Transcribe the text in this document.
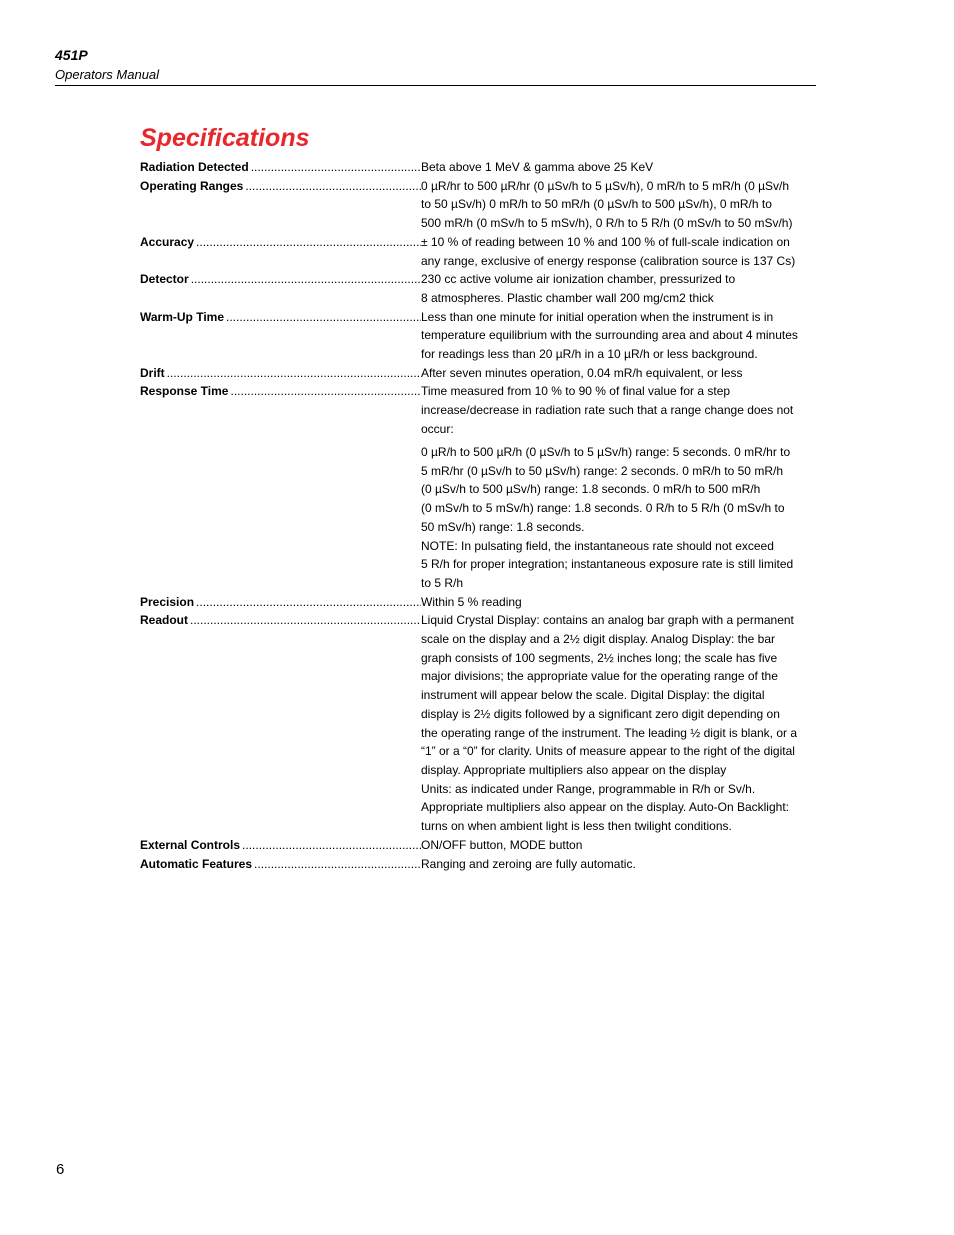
451P
Operators Manual
Specifications
Radiation Detected .....	Beta above 1 MeV & gamma above 25 KeV
Operating Ranges .....	0 µR/hr to 500 µR/hr (0 µSv/h to 5 µSv/h), 0 mR/h to 5 mR/h (0 µSv/h
to 50 µSv/h) 0 mR/h to 50 mR/h (0 µSv/h to 500 µSv/h), 0 mR/h to
500 mR/h (0 mSv/h to 5 mSv/h), 0 R/h to 5 R/h (0 mSv/h to 50 mSv/h)
Accuracy .....	± 10 % of reading between 10 % and 100 % of full-scale indication on
any range, exclusive of energy response (calibration source is 137 Cs)
Detector .....	230 cc active volume air ionization chamber, pressurized to
8 atmospheres. Plastic chamber wall 200 mg/cm2 thick
Warm-Up Time .....	Less than one minute for initial operation when the instrument is in
temperature equilibrium with the surrounding area and about 4 minutes
for readings less than 20 µR/h in a 10 µR/h or less background.
Drift .....	After seven minutes operation, 0.04 mR/h equivalent, or less
Response Time .....	Time measured from 10 % to 90 % of final value for a step
increase/decrease in radiation rate such that a range change does not
occur:
0 µR/h to 500 µR/h (0 µSv/h to 5 µSv/h) range: 5 seconds. 0 mR/hr to
5 mR/hr (0 µSv/h to 50 µSv/h) range: 2 seconds. 0 mR/h to 50 mR/h
(0 µSv/h to 500 µSv/h) range: 1.8 seconds. 0 mR/h to 500 mR/h
(0 mSv/h to 5 mSv/h) range: 1.8 seconds. 0 R/h to 5 R/h (0 mSv/h to
50 mSv/h) range: 1.8 seconds.
NOTE: In pulsating field, the instantaneous rate should not exceed
5 R/h for proper integration; instantaneous exposure rate is still limited
to 5 R/h
Precision .....	Within 5 % reading
Readout .....	Liquid Crystal Display: contains an analog bar graph with a permanent
scale on the display and a 2½ digit display. Analog Display: the bar
graph consists of 100 segments, 2½ inches long; the scale has five
major divisions; the appropriate value for the operating range of the
instrument will appear below the scale. Digital Display: the digital
display is 2½ digits followed by a significant zero digit depending on
the operating range of the instrument. The leading ½ digit is blank, or a
“1” or a “0” for clarity. Units of measure appear to the right of the digital
display. Appropriate multipliers also appear on the display
Units: as indicated under Range, programmable in R/h or Sv/h.
Appropriate multipliers also appear on the display. Auto-On Backlight:
turns on when ambient light is less then twilight conditions.
External Controls .....	ON/OFF button, MODE button
Automatic Features .....	Ranging and zeroing are fully automatic.
6
